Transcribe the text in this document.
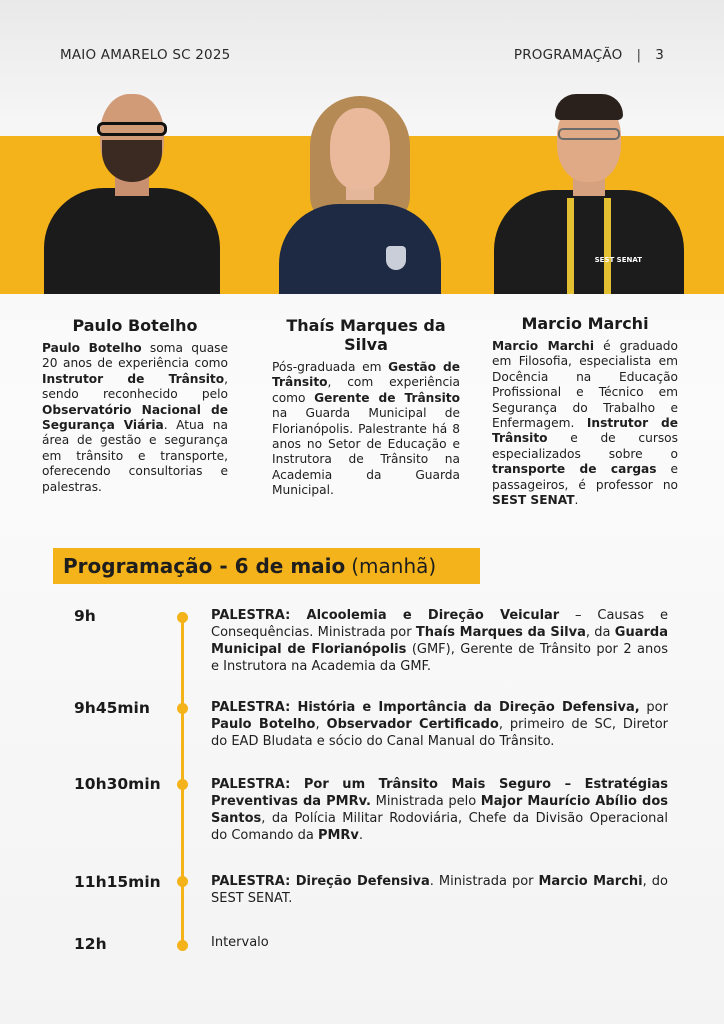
MAIO AMARELO SC 2025	PROGRAMAÇÃO | 3
SEST SENAT

Paulo Botelho

Paulo Botelho soma quase 20 anos de experiência como Instrutor de Trânsito, sendo reconhecido pelo Observatório Nacional de Segurança Viária. Atua na área de gestão e segurança em trânsito e transporte, oferecendo consultorias e palestras.

Thaís Marques da Silva

Pós-graduada em Gestão de Trânsito, com experiência como Gerente de Trânsito na Guarda Municipal de Florianópolis. Palestrante há 8 anos no Setor de Educação e Instrutora de Trânsito na Academia da Guarda Municipal.

Marcio Marchi

Marcio Marchi é graduado em Filosofia, especialista em Docência na Educação Profissional e Técnico em Segurança do Trabalho e Enfermagem. Instrutor de Trânsito e de cursos especializados sobre o transporte de cargas e passageiros, é professor no SEST SENAT.

Programação - 6 de maio (manhã)
9h	PALESTRA: Alcoolemia e Direção Veicular – Causas e Consequências. Ministrada por Thaís Marques da Silva, da Guarda Municipal de Florianópolis (GMF), Gerente de Trânsito por 2 anos e Instrutora na Academia da GMF.

9h45min	PALESTRA: História e Importância da Direção Defensiva, por Paulo Botelho, Observador Certificado, primeiro de SC, Diretor do EAD Bludata e sócio do Canal Manual do Trânsito.

10h30min	PALESTRA: Por um Trânsito Mais Seguro – Estratégias Preventivas da PMRv. Ministrada pelo Major Maurício Abílio dos Santos, da Polícia Militar Rodoviária, Chefe da Divisão Operacional do Comando da PMRv.

11h15min	PALESTRA: Direção Defensiva. Ministrada por Marcio Marchi, do SEST SENAT.

12h	Intervalo
